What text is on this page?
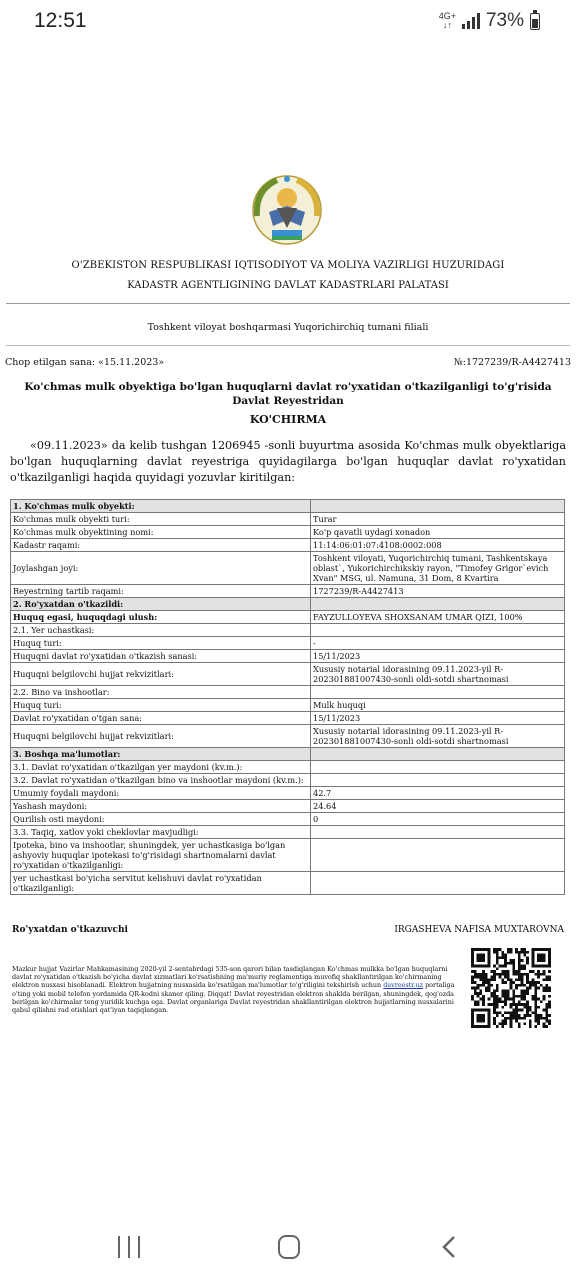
12:51	4G+
↓↑ 73%
O'ZBEKISTON RESPUBLIKASI IQTISODIYOT VA MOLIYA VAZIRLIGI HUZURIDAGI
KADASTR AGENTLIGINING DAVLAT KADASTRLARI PALATASI
Toshkent viloyat boshqarmasi Yuqorichirchiq tumani filiali
Chop etilgan sana: «15.11.2023»	№:1727239/R-A4427413
Ko'chmas mulk obyektiga bo'lgan huquqlarni davlat ro'yxatidan o'tkazilganligi to'g'risida Davlat Reyestridan
KO'CHIRMA
«09.11.2023» da kelib tushgan 1206945 -sonli buyurtma asosida Ko'chmas mulk obyektlariga bo'lgan huquqlarning davlat reyestriga quyidagilarga bo'lgan huquqlar davlat ro'yxatidan o'tkazilganligi haqida quyidagi yozuvlar kiritilgan:
1. Ko'chmas mulk obyekti:	
Ko'chmas mulk obyekti turi:	Turar
Ko'chmas mulk obyektining nomi:	Ko'p qavatli uydagi xonadon
Kadastr raqami:	11:14:06:01:07:4108:0002:008
Joylashgan joyi:	Toshkent viloyati, Yuqorichirchiq tumani, Tashkentskaya oblast`, Yukorichirchikskiy rayon, "Timofey Grigor`evich Xvan" MSG, ul. Namuna, 31 Dom, 8 Kvartira
Reyestrning tartib raqami:	1727239/R-A4427413
2. Ro'yxatdan o'tkazildi:	
Huquq egasi, huquqdagi ulush:	FAYZULLOYEVA SHOXSANAM UMAR QIZI, 100%
2.1. Yer uchastkasi:	
Huquq turi:	-
Huquqni davlat ro'yxatidan o'tkazish sanasi:	15/11/2023
Huquqni belgilovchi hujjat rekvizitlari:	Xususiy notarial idorasining 09.11.2023-yil R-202301881007430-sonli oldi-sotdi shartnomasi
2.2. Bino va inshootlar:	
Huquq turi:	Mulk huquqi
Davlat ro'yxatidan o'tgan sana:	15/11/2023
Huquqni belgilovchi hujjat rekvizitlari:	Xususiy notarial idorasining 09.11.2023-yil R-202301881007430-sonli oldi-sotdi shartnomasi
3. Boshqa ma'lumotlar:	
3.1. Davlat ro'yxatidan o'tkazilgan yer maydoni (kv.m.):	
3.2. Davlat ro'yxatidan o'tkazilgan bino va inshootlar maydoni (kv.m.):	
Umumiy foydali maydoni:	42.7
Yashash maydoni:	24.64
Qurilish osti maydoni:	0
3.3. Taqiq, xatlov yoki cheklovlar mavjudligi:	
Ipoteka, bino va inshootlar, shuningdek, yer uchastkasiga bo'lgan ashyoviy huquqlar ipotekasi to'g'risidagi shartnomalarni davlat ro'yxatidan o'tkazilganligi:	
yer uchastkasi bo'yicha servitut kelishuvi davlat ro'yxatidan o'tkazilganligi:	
Ro'yxatdan o'tkazuvchi	IRGASHEVA NAFISA MUXTAROVNA
Mazkur hujjat Vazirlar Mahkamasining 2020-yil 2-sentabrdagi 535-son qarori bilan tasdiqlangan Ko'chmas mulkka bo'lgan huquqlarni davlat ro'yxatidan o'tkazish bo'yicha davlat xizmatlari ko'rsatishning ma'muriy reglamentiga muvofiq shakllantirilgan ko'chirmaning elektron nusxasi hisoblanadi. Elektron hujjatning nusxasida ko'rsatilgan ma'lumotlar to'g'riligini tekshirish uchun davreestr.uz portaliga o'ting yoki mobil telefon yordamida QR-kodni skaner qiling. Diqqat! Davlat reyestridan elektron shaklda berilgan, shuningdek, qog'ozda berilgan ko'chirmalar teng yuridik kuchga ega. Davlat organlariga Davlat reyestridan shakllantirilgan elektron hujjatlarning nusxalarini qabul qilishni rad etishlari qat'iyan taqiqlangan.
